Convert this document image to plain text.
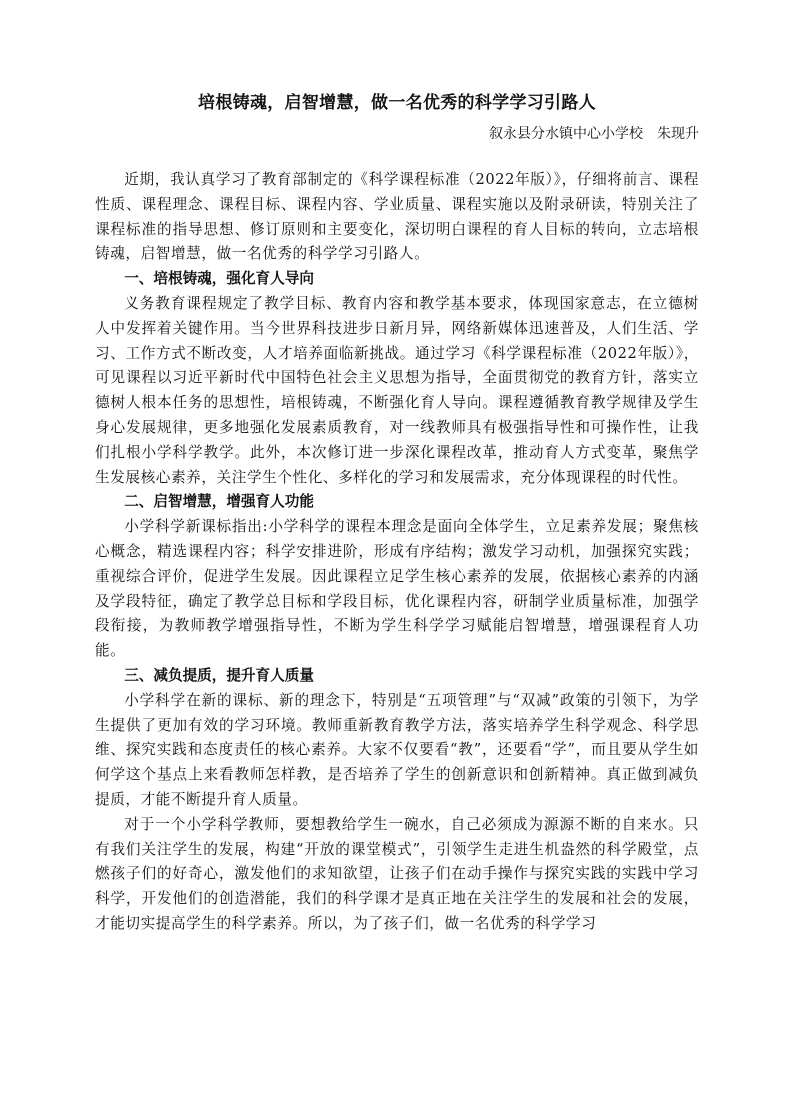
培根铸魂，启智增慧，做一名优秀的科学学习引路人
叙永县分水镇中心小学校 朱现升

近期，我认真学习了教育部制定的《科学课程标准（2022年版）》，仔细将前言、课程性质、课程理念、课程目标、课程内容、学业质量、课程实施以及附录研读，特别关注了课程标准的指导思想、修订原则和主要变化，深切明白课程的育人目标的转向，立志培根铸魂，启智增慧，做一名优秀的科学学习引路人。

一、培根铸魂，强化育人导向

义务教育课程规定了教学目标、教育内容和教学基本要求，体现国家意志，在立德树人中发挥着关键作用。当今世界科技进步日新月异，网络新媒体迅速普及，人们生活、学习、工作方式不断改变，人才培养面临新挑战。通过学习《科学课程标准（2022年版）》，可见课程以习近平新时代中国特色社会主义思想为指导，全面贯彻党的教育方针，落实立德树人根本任务的思想性，培根铸魂，不断强化育人导向。课程遵循教育教学规律及学生身心发展规律，更多地强化发展素质教育，对一线教师具有极强指导性和可操作性，让我们扎根小学科学教学。此外，本次修订进一步深化课程改革，推动育人方式变革，聚焦学生发展核心素养，关注学生个性化、多样化的学习和发展需求，充分体现课程的时代性。

二、启智增慧，增强育人功能

小学科学新课标指出:小学科学的课程本理念是面向全体学生，立足素养发展；聚焦核心概念，精选课程内容；科学安排进阶，形成有序结构；激发学习动机，加强探究实践；重视综合评价，促进学生发展。因此课程立足学生核心素养的发展，依据核心素养的内涵及学段特征，确定了教学总目标和学段目标，优化课程内容，研制学业质量标准，加强学段衔接，为教师教学增强指导性，不断为学生科学学习赋能启智增慧，增强课程育人功能。

三、减负提质，提升育人质量

小学科学在新的课标、新的理念下，特别是“五项管理”与“双减”政策的引领下，为学生提供了更加有效的学习环境。教师重新教育教学方法，落实培养学生科学观念、科学思维、探究实践和态度责任的核心素养。大家不仅要看“教”，还要看“学”，而且要从学生如何学这个基点上来看教师怎样教，是否培养了学生的创新意识和创新精神。真正做到减负提质，才能不断提升育人质量。

对于一个小学科学教师，要想教给学生一碗水，自己必须成为源源不断的自来水。只有我们关注学生的发展，构建“开放的课堂模式”，引领学生走进生机盎然的科学殿堂，点燃孩子们的好奇心，激发他们的求知欲望，让孩子们在动手操作与探究实践的实践中学习科学，开发他们的创造潜能，我们的科学课才是真正地在关注学生的发展和社会的发展，才能切实提高学生的科学素养。所以，为了孩子们，做一名优秀的科学学习
